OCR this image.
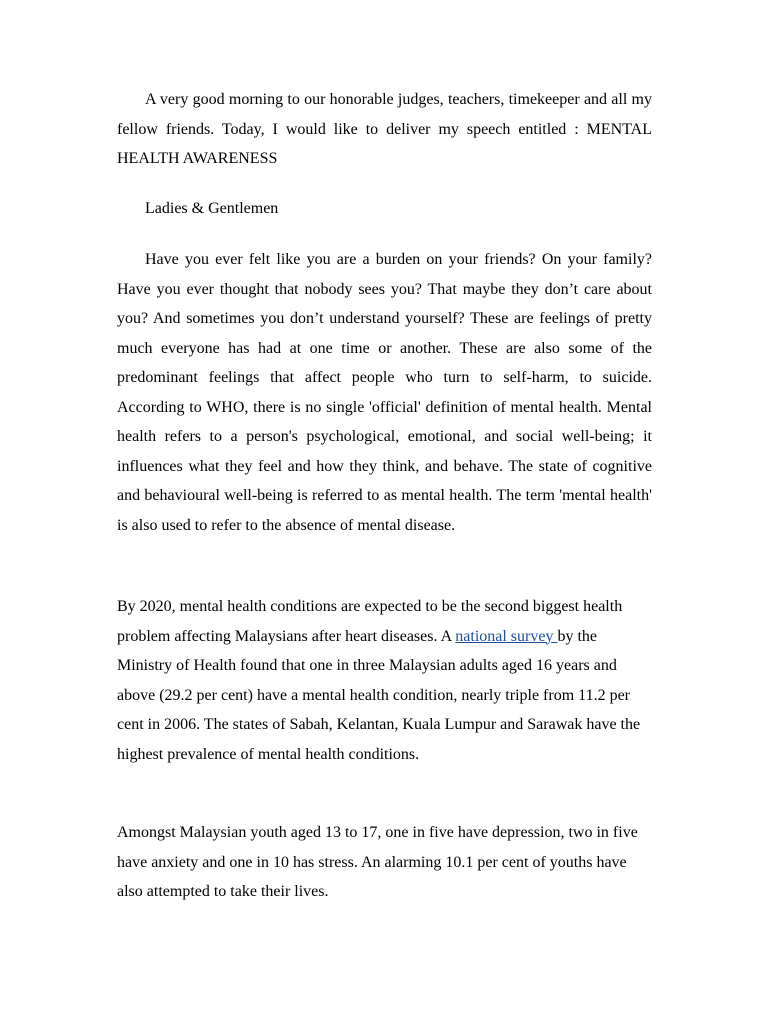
A very good morning to our honorable judges, teachers, timekeeper and all my fellow friends. Today, I would like to deliver my speech entitled : MENTAL HEALTH AWARENESS

Ladies & Gentlemen

Have you ever felt like you are a burden on your friends? On your family? Have you ever thought that nobody sees you? That maybe they don’t care about you? And sometimes you don’t understand yourself? These are feelings of pretty much everyone has had at one time or another. These are also some of the predominant feelings that affect people who turn to self-harm, to suicide. According to WHO, there is no single 'official' definition of mental health. Mental health refers to a person's psychological, emotional, and social well-being; it influences what they feel and how they think, and behave. The state of cognitive and behavioural well-being is referred to as mental health. The term 'mental health' is also used to refer to the absence of mental disease.

By 2020, mental health conditions are expected to be the second biggest health problem affecting Malaysians after heart diseases. A national survey by the Ministry of Health found that one in three Malaysian adults aged 16 years and above (29.2 per cent) have a mental health condition, nearly triple from 11.2 per cent in 2006. The states of Sabah, Kelantan, Kuala Lumpur and Sarawak have the highest prevalence of mental health conditions.

Amongst Malaysian youth aged 13 to 17, one in five have depression, two in five have anxiety and one in 10 has stress. An alarming 10.1 per cent of youths have also attempted to take their lives.
